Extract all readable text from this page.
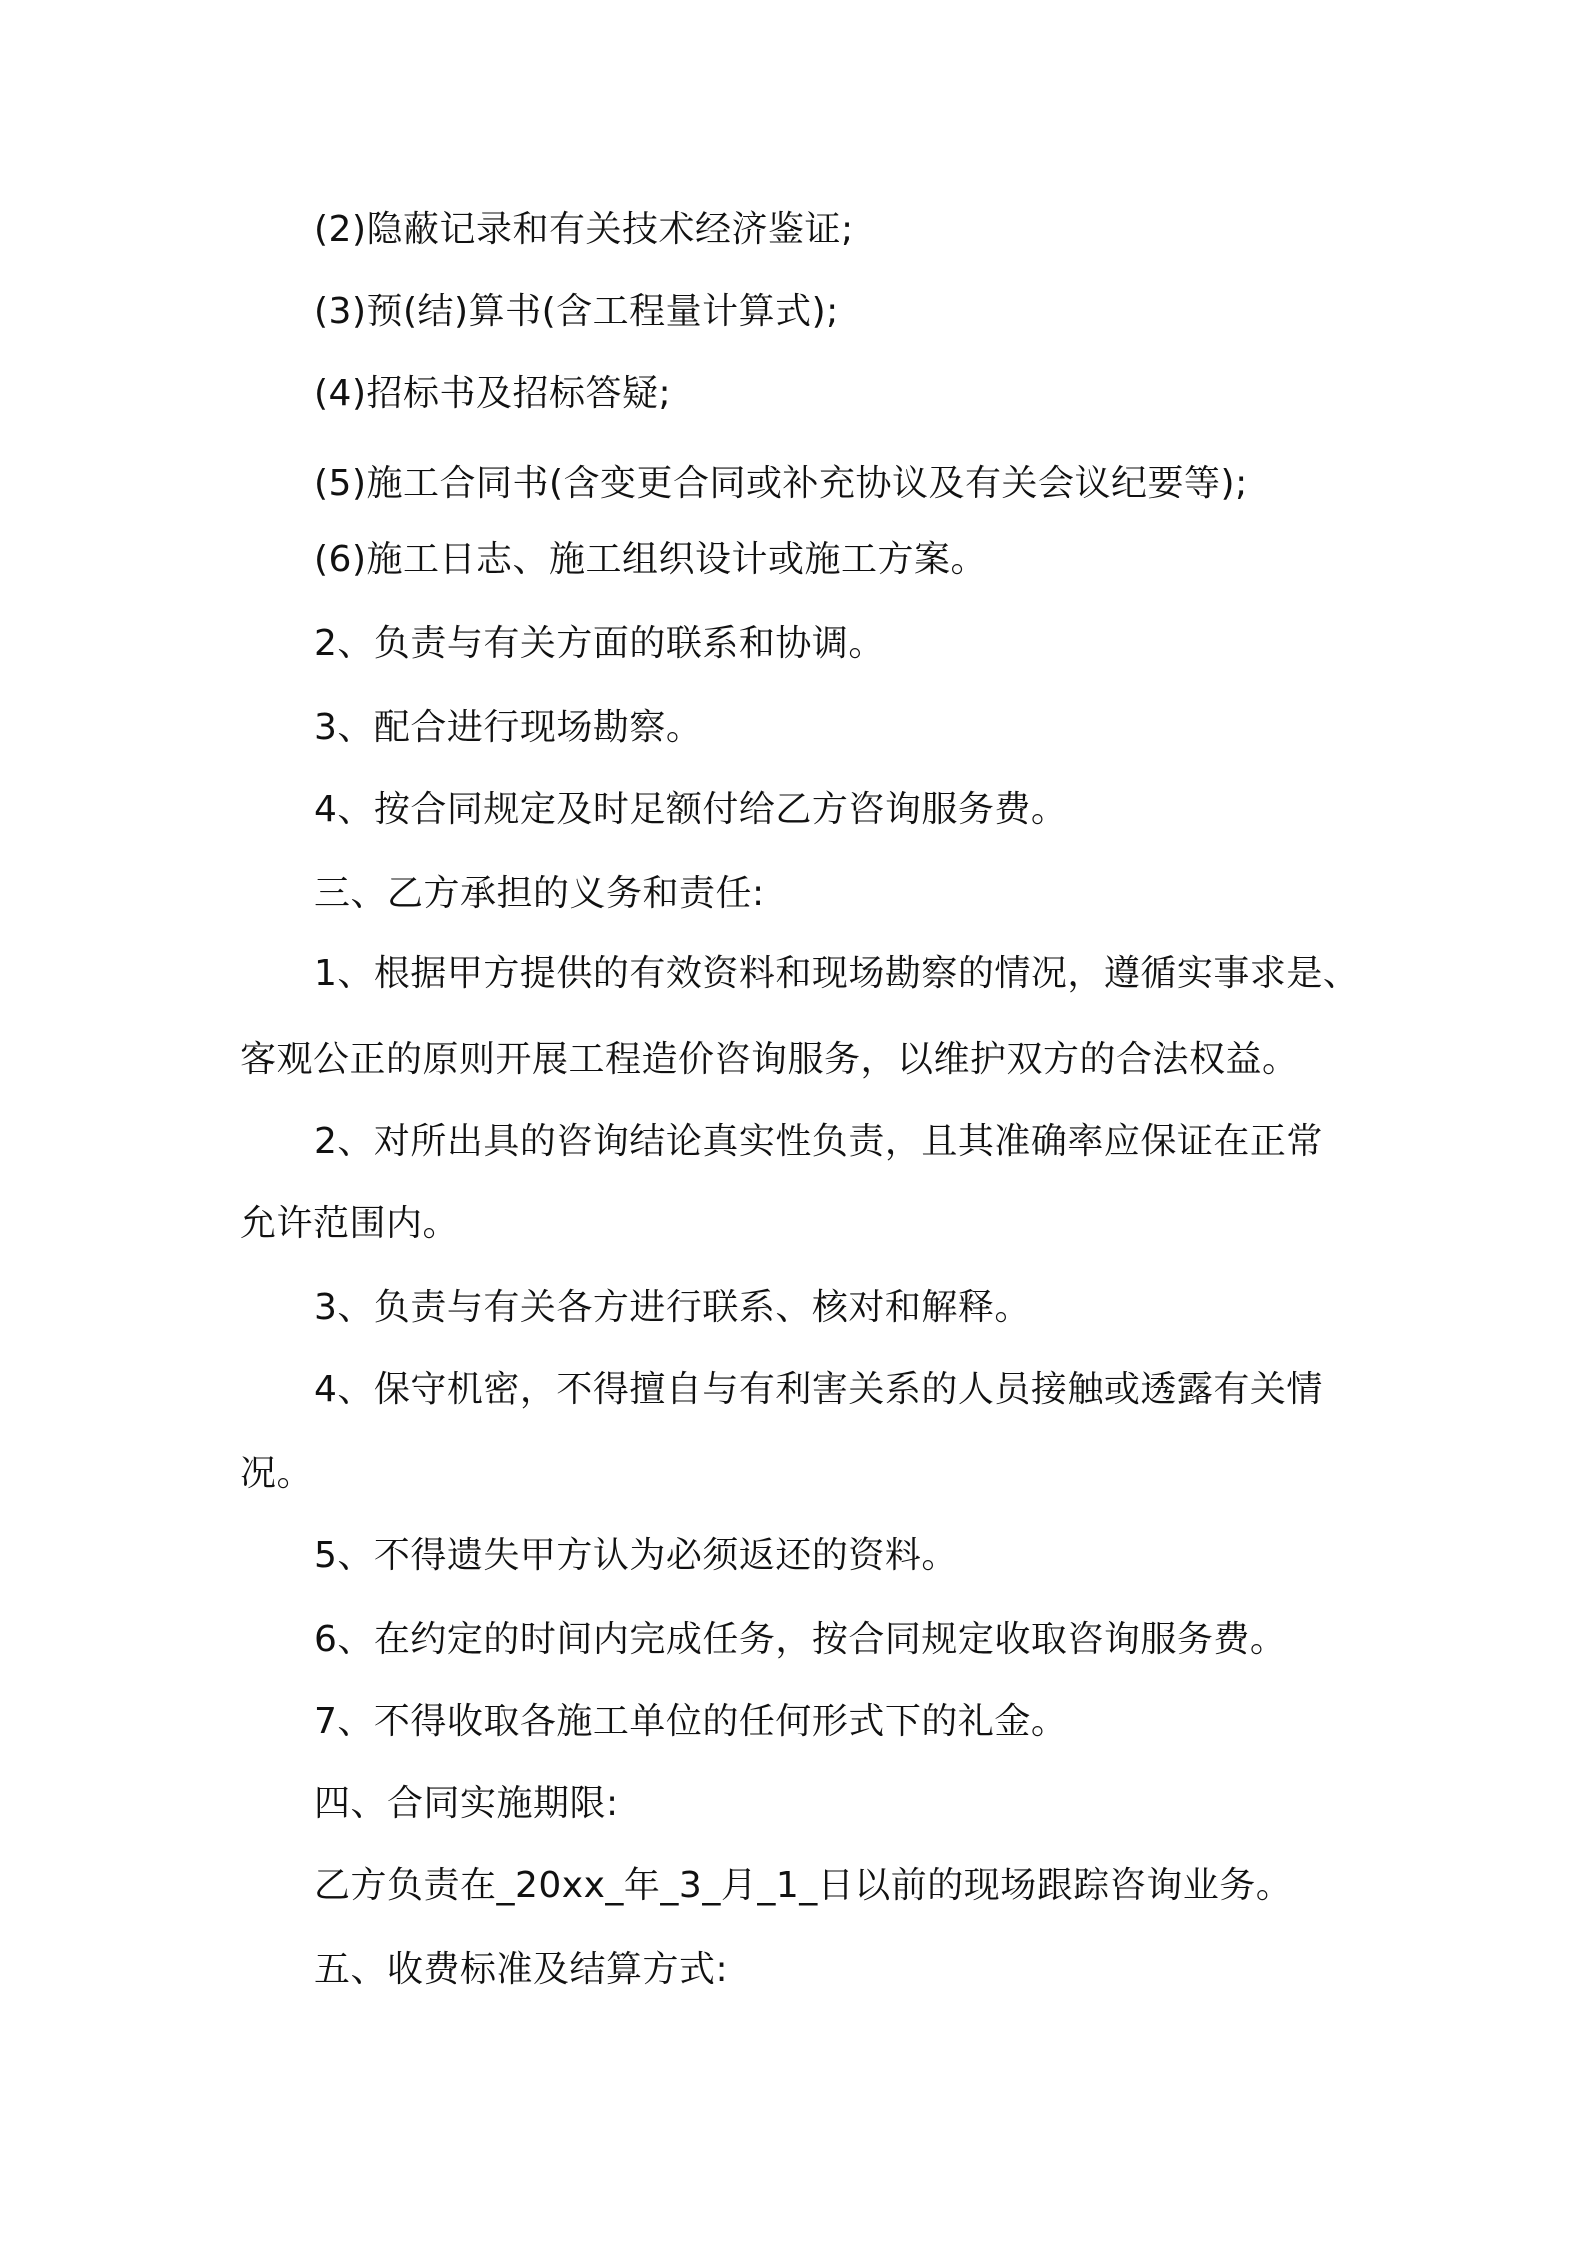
(2)隐蔽记录和有关技术经济鉴证;
(3)预(结)算书(含工程量计算式);
(4)招标书及招标答疑;
(5)施工合同书(含变更合同或补充协议及有关会议纪要等);
(6)施工日志、施工组织设计或施工方案。
2、负责与有关方面的联系和协调。
3、配合进行现场勘察。
4、按合同规定及时足额付给乙方咨询服务费。
三、乙方承担的义务和责任:
1、根据甲方提供的有效资料和现场勘察的情况，遵循实事求是、
客观公正的原则开展工程造价咨询服务，以维护双方的合法权益。
2、对所出具的咨询结论真实性负责，且其准确率应保证在正常
允许范围内。
3、负责与有关各方进行联系、核对和解释。
4、保守机密，不得擅自与有利害关系的人员接触或透露有关情
况。
5、不得遗失甲方认为必须返还的资料。
6、在约定的时间内完成任务，按合同规定收取咨询服务费。
7、不得收取各施工单位的任何形式下的礼金。
四、合同实施期限:
乙方负责在_20xx_年_3_月_1_日以前的现场跟踪咨询业务。
五、收费标准及结算方式:
